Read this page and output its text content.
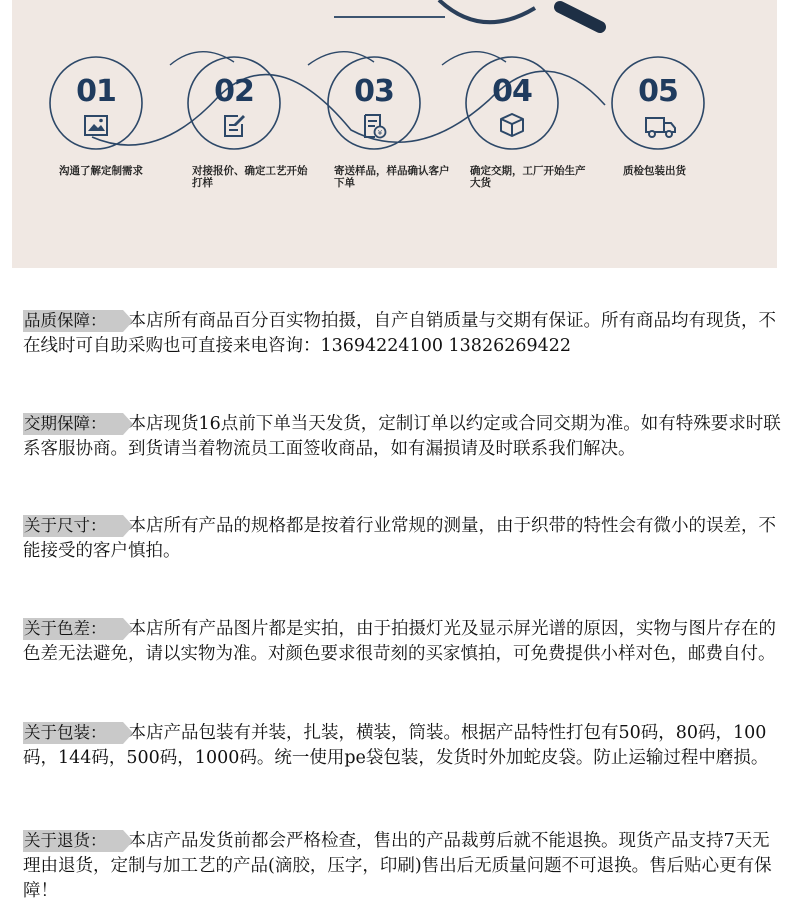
01	02	03	04	05
¥
沟通了解定制需求	对接报价、确定工艺开始打样
寄送样品，样品确认客户下单
确定交期，工厂开始生产大货
质检包装出货
品质保障： 本店所有商品百分百实物拍摄，自产自销质量与交期有保证。所有商品均有现货，不在线时可自助采购也可直接来电咨询：13694224100 13826269422
交期保障： 本店现货16点前下单当天发货，定制订单以约定或合同交期为准。如有特殊要求时联系客服协商。到货请当着物流员工面签收商品，如有漏损请及时联系我们解决。
关于尺寸： 本店所有产品的规格都是按着行业常规的测量，由于织带的特性会有微小的误差，不能接受的客户慎拍。
关于色差： 本店所有产品图片都是实拍，由于拍摄灯光及显示屏光谱的原因，实物与图片存在的色差无法避免，请以实物为准。对颜色要求很苛刻的买家慎拍，可免费提供小样对色，邮费自付。
关于包装： 本店产品包装有并装，扎装，横装，筒装。根据产品特性打包有50码，80码，100码，144码，500码，1000码。统一使用pe袋包装，发货时外加蛇皮袋。防止运输过程中磨损。
关于退货： 本店产品发货前都会严格检查，售出的产品裁剪后就不能退换。现货产品支持7天无理由退货，定制与加工艺的产品(滴胶，压字，印刷)售出后无质量问题不可退换。售后贴心更有保障！
